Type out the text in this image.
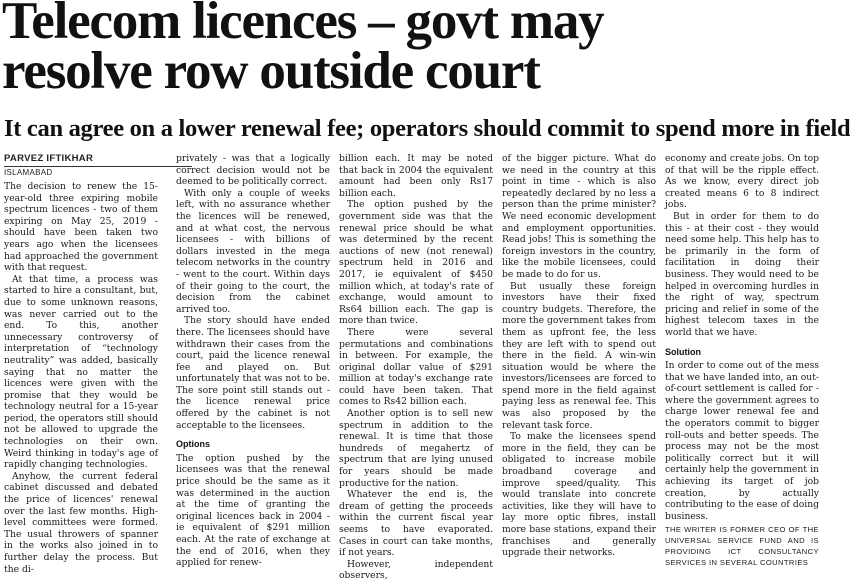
Telecom licences – govt may
resolve row outside court
It can agree on a lower renewal fee; operators should commit to spend more in field
PARVEZ IFTIKHAR
ISLAMABAD

The decision to renew the 15-year-old three expiring mobile spectrum licences - two of them expiring on May 25, 2019 - should have been taken two years ago when the licensees had approached the government with that request.

At that time, a process was started to hire a consultant, but, due to some unknown reasons, was never carried out to the end. To this, another unnecessary controversy of interpretation of “technology neutrality” was added, basically saying that no matter the licences were given with the promise that they would be technology neutral for a 15-year period, the operators still should not be allowed to upgrade the technologies on their own. Weird thinking in today's age of rapidly changing technologies.

Anyhow, the current federal cabinet discussed and debated the price of licences' renewal over the last few months. High-level committees were formed. The usual throwers of spanner in the works also joined in to further delay the process. But the di-

privately - was that a logically correct decision would not be deemed to be politically correct.

With only a couple of weeks left, with no assurance whether the licences will be renewed, and at what cost, the nervous licensees - with billions of dollars invested in the mega telecom networks in the country - went to the court. Within days of their going to the court, the decision from the cabinet arrived too.

The story should have ended there. The licensees should have withdrawn their cases from the court, paid the licence renewal fee and played on. But unfortunately that was not to be. The sore point still stands out - the licence renewal price offered by the cabinet is not acceptable to the licensees.

Options

The option pushed by the licensees was that the renewal price should be the same as it was determined in the auction at the time of granting the original licences back in 2004 - ie equivalent of $291 million each. At the rate of exchange at the end of 2016, when they applied for renew-

billion each. It may be noted that back in 2004 the equivalent amount had been only Rs17 billion each.

The option pushed by the government side was that the renewal price should be what was determined by the recent auctions of new (not renewal) spectrum held in 2016 and 2017, ie equivalent of $450 million which, at today's rate of exchange, would amount to Rs64 billion each. The gap is more than twice.

There were several permutations and combinations in between. For example, the original dollar value of $291 million at today's exchange rate could have been taken. That comes to Rs42 billion each.

Another option is to sell new spectrum in addition to the renewal. It is time that those hundreds of megahertz of spectrum that are lying unused for years should be made productive for the nation.

Whatever the end is, the dream of getting the proceeds within the current fiscal year seems to have evaporated. Cases in court can take months, if not years.

However, independent observers,

of the bigger picture. What do we need in the country at this point in time - which is also repeatedly declared by no less a person than the prime minister? We need economic development and employment opportunities. Read jobs! This is something the foreign investors in the country, like the mobile licensees, could be made to do for us.

But usually these foreign investors have their fixed country budgets. Therefore, the more the government takes from them as upfront fee, the less they are left with to spend out there in the field. A win-win situation would be where the investors/licensees are forced to spend more in the field against paying less as renewal fee. This was also proposed by the relevant task force.

To make the licensees spend more in the field, they can be obligated to increase mobile broadband coverage and improve speed/quality. This would translate into concrete activities, like they will have to lay more optic fibres, install more base stations, expand their franchises and generally upgrade their networks.

economy and create jobs. On top of that will be the ripple effect. As we know, every direct job created means 6 to 8 indirect jobs.

But in order for them to do this - at their cost - they would need some help. This help has to be primarily in the form of facilitation in doing their business. They would need to be helped in overcoming hurdles in the right of way, spectrum pricing and relief in some of the highest telecom taxes in the world that we have.

Solution

In order to come out of the mess that we have landed into, an out-of-court settlement is called for - where the government agrees to charge lower renewal fee and the operators commit to bigger roll-outs and better speeds. The process may not be the most politically correct but it will certainly help the government in achieving its target of job creation, by actually contributing to the ease of doing business.

THE WRITER IS FORMER CEO OF THE UNIVERSAL SERVICE FUND AND IS PROVIDING ICT CONSULTANCY SERVICES IN SEVERAL COUNTRIES
